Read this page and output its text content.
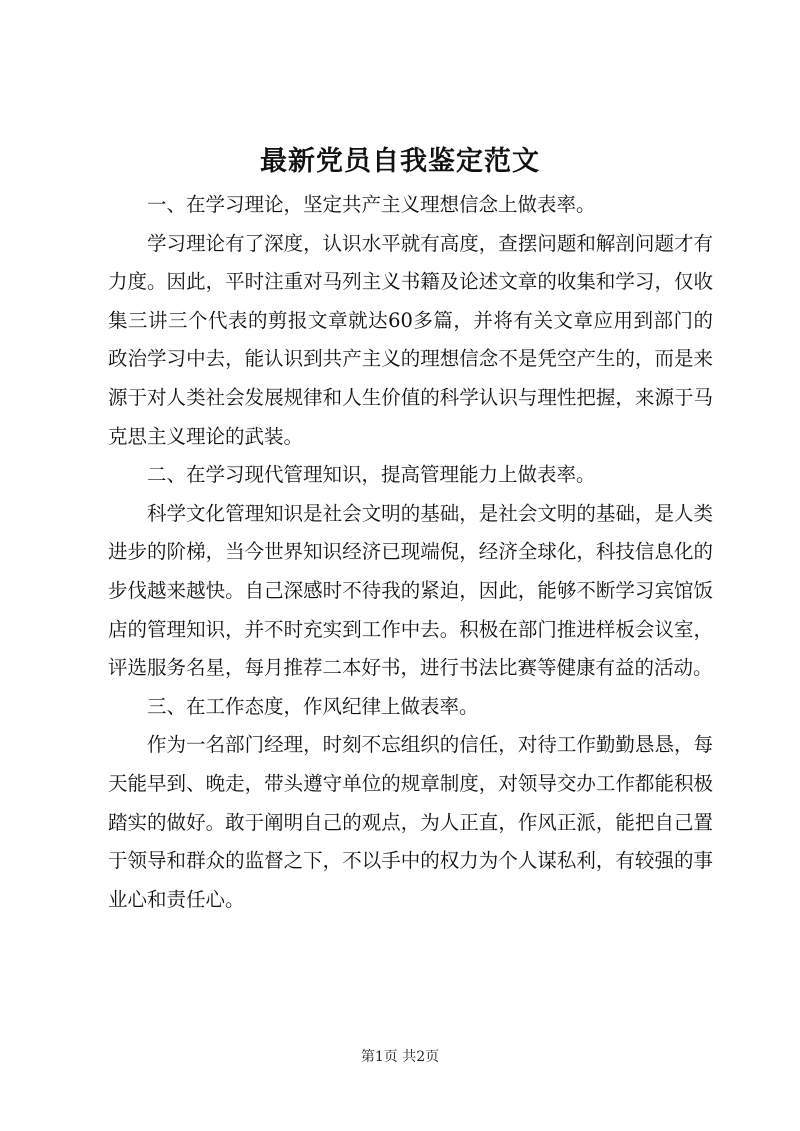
最新党员自我鉴定范文

一、在学习理论，坚定共产主义理想信念上做表率。

学习理论有了深度，认识水平就有高度，查摆问题和解剖问题才有力度。因此，平时注重对马列主义书籍及论述文章的收集和学习，仅收集三讲三个代表的剪报文章就达60多篇，并将有关文章应用到部门的政治学习中去，能认识到共产主义的理想信念不是凭空产生的，而是来源于对人类社会发展规律和人生价值的科学认识与理性把握，来源于马克思主义理论的武装。

二、在学习现代管理知识，提高管理能力上做表率。

科学文化管理知识是社会文明的基础，是社会文明的基础，是人类进步的阶梯，当今世界知识经济已现端倪，经济全球化，科技信息化的步伐越来越快。自己深感时不待我的紧迫，因此，能够不断学习宾馆饭店的管理知识，并不时充实到工作中去。积极在部门推进样板会议室，评选服务名星，每月推荐二本好书，进行书法比赛等健康有益的活动。

三、在工作态度，作风纪律上做表率。

作为一名部门经理，时刻不忘组织的信任，对待工作勤勤恳恳，每天能早到、晚走，带头遵守单位的规章制度，对领导交办工作都能积极踏实的做好。敢于阐明自己的观点，为人正直，作风正派，能把自己置于领导和群众的监督之下，不以手中的权力为个人谋私利，有较强的事业心和责任心。

第1页 共2页
